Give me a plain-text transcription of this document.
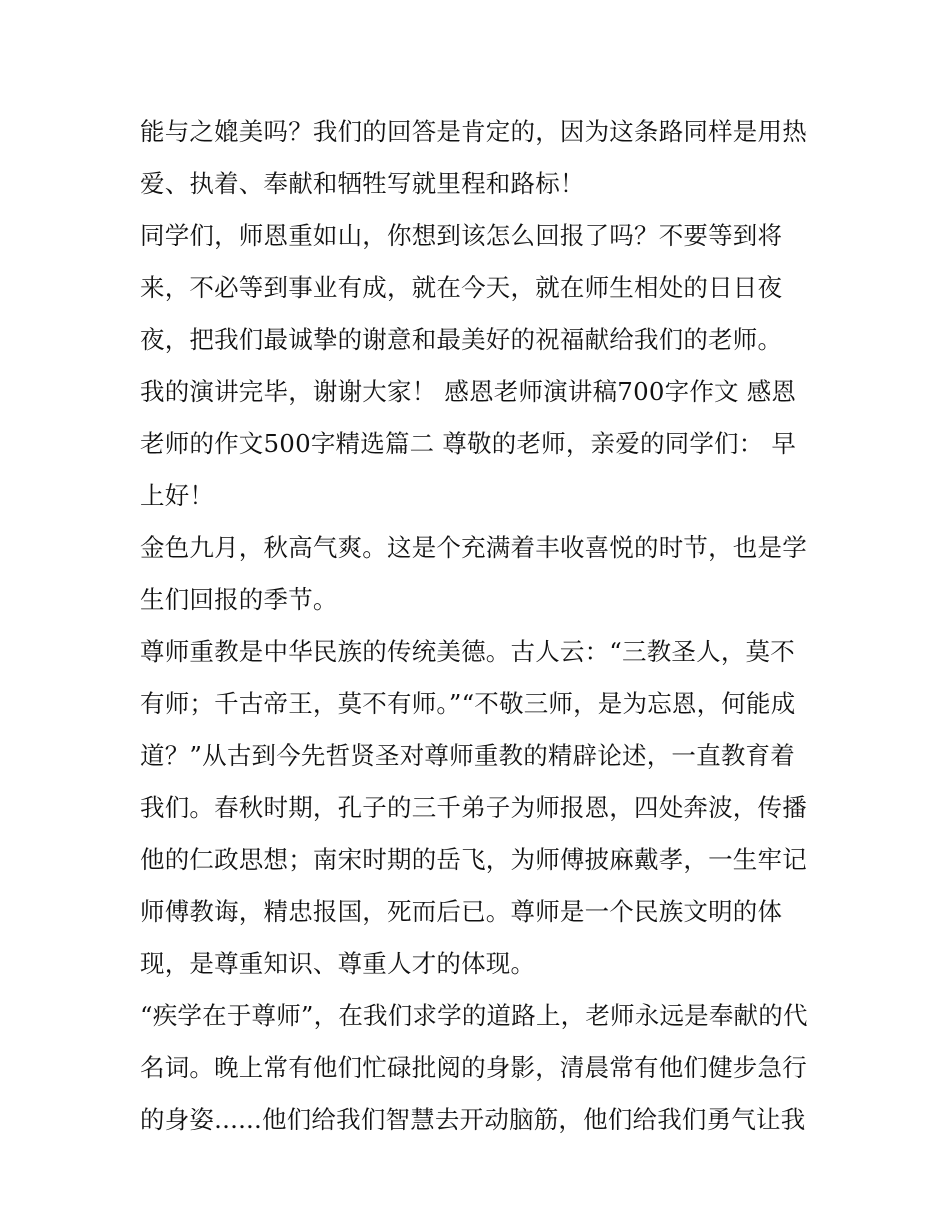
能与之媲美吗？我们的回答是肯定的，因为这条路同样是用热
爱、执着、奉献和牺牲写就里程和路标！
同学们，师恩重如山，你想到该怎么回报了吗？不要等到将
来，不必等到事业有成，就在今天，就在师生相处的日日夜
夜，把我们最诚挚的谢意和最美好的祝福献给我们的老师。
我的演讲完毕，谢谢大家！ 感恩老师演讲稿700字作文 感恩
老师的作文500字精选篇二 尊敬的老师，亲爱的同学们： 早
上好！
金色九月，秋高气爽。这是个充满着丰收喜悦的时节，也是学
生们回报的季节。
尊师重教是中华民族的传统美德。古人云：“三教圣人，莫不
有师；千古帝王，莫不有师。”“不敬三师，是为忘恩，何能成
道？”从古到今先哲贤圣对尊师重教的精辟论述，一直教育着
我们。春秋时期，孔子的三千弟子为师报恩，四处奔波，传播
他的仁政思想；南宋时期的岳飞，为师傅披麻戴孝，一生牢记
师傅教诲，精忠报国，死而后已。尊师是一个民族文明的体
现，是尊重知识、尊重人才的体现。
“疾学在于尊师”，在我们求学的道路上，老师永远是奉献的代
名词。晚上常有他们忙碌批阅的身影，清晨常有他们健步急行
的身姿......他们给我们智慧去开动脑筋，他们给我们勇气让我
